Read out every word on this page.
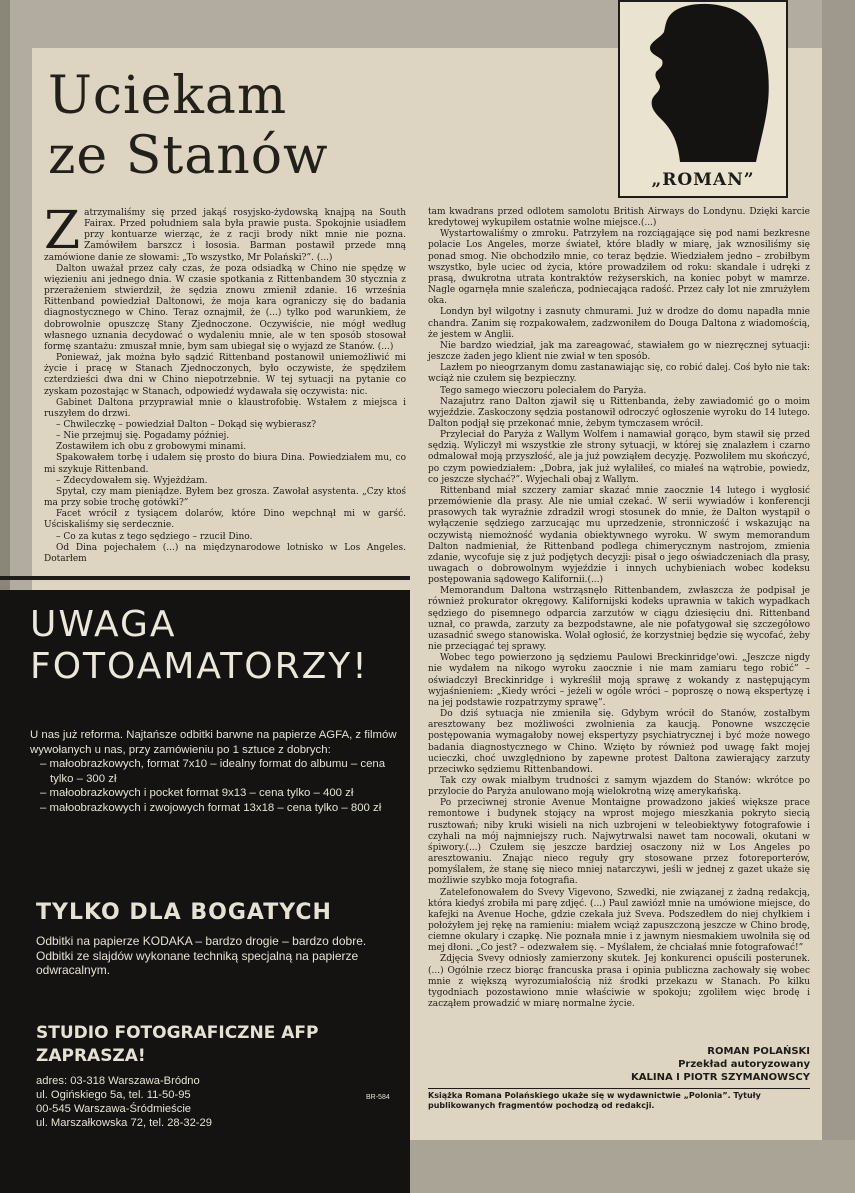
Uciekam
ze Stanów	„ROMAN”
Z atrzymaliśmy się przed jakąś rosyjsko-żydowską knajpą na South Fairax. Przed południem sala była prawie pusta. Spokojnie usiadłem przy kontuarze wierząc, że z racji brody nikt mnie nie pozna. Zamówiłem barszcz i łososia. Barman postawił przede mną zamówione danie ze słowami: „To wszystko, Mr Polański?”. (...)

Dalton uważał przez cały czas, że poza odsiadką w Chino nie spędzę w więzieniu ani jednego dnia. W czasie spotkania z Rittenbandem 30 stycznia z przerażeniem stwierdził, że sędzia znowu zmienił zdanie. 16 września Rittenband powiedział Daltonowi, że moja kara ograniczy się do badania diagnostycznego w Chino. Teraz oznajmił, że (...) tylko pod warunkiem, że dobrowolnie opuszczę Stany Zjednoczone. Oczywiście, nie mógł według własnego uznania decydować o wydaleniu mnie, ale w ten sposób stosował formę szantażu: zmuszał mnie, bym sam ubiegał się o wyjazd ze Stanów. (...)

Ponieważ, jak można było sądzić Rittenband postanowił uniemożliwić mi życie i pracę w Stanach Zjednoczonych, było oczywiste, że spędziłem czterdzieści dwa dni w Chino niepotrzebnie. W tej sytuacji na pytanie co zyskam pozostając w Stanach, odpowiedź wydawała się oczywista: nic.

Gabinet Daltona przyprawiał mnie o klaustrofobię. Wstałem z miejsca i ruszyłem do drzwi.

– Chwileczkę – powiedział Dalton – Dokąd się wybierasz?

– Nie przejmuj się. Pogadamy później.

Zostawiłem ich obu z grobowymi minami.

Spakowałem torbę i udałem się prosto do biura Dina. Powiedziałem mu, co mi szykuje Rittenband.

– Zdecydowałem się. Wyjeżdżam.

Spytał, czy mam pieniądze. Byłem bez grosza. Zawołał asystenta. „Czy ktoś ma przy sobie trochę gotówki?”

Facet wrócił z tysiącem dolarów, które Dino wepchnął mi w garść. Uściskaliśmy się serdecznie.

– Co za kutas z tego sędziego – rzucił Dino.

Od Dina pojechałem (...) na międzynarodowe lotnisko w Los Angeles. Dotarłem

tam kwadrans przed odlotem samolotu British Airways do Londynu. Dzięki karcie kredytowej wykupiłem ostatnie wolne miejsce.(...)

Wystartowaliśmy o zmroku. Patrzyłem na rozciągające się pod nami bezkresne polacie Los Angeles, morze świateł, które bladły w miarę, jak wznosiliśmy się ponad smog. Nie obchodziło mnie, co teraz będzie. Wiedziałem jedno – zrobiłbym wszystko, byle uciec od życia, które prowadziłem od roku: skandale i udręki z prasą, dwukrotna utrata kontraktów reżyserskich, na koniec pobyt w mamrze. Nagle ogarnęła mnie szaleńcza, podniecająca radość. Przez cały lot nie zmrużyłem oka.

Londyn był wilgotny i zasnuty chmurami. Już w drodze do domu napadła mnie chandra. Zanim się rozpakowałem, zadzwoniłem do Douga Daltona z wiadomością, że jestem w Anglii.

Nie bardzo wiedział, jak ma zareagować, stawiałem go w niezręcznej sytuacji: jeszcze żaden jego klient nie zwiał w ten sposób.

Lazłem po nieogrzanym domu zastanawiając się, co robić dalej. Coś było nie tak: wciąż nie czułem się bezpieczny.

Tego samego wieczoru poleciałem do Paryża.

Nazajutrz rano Dalton zjawił się u Rittenbanda, żeby zawiadomić go o moim wyjeździe. Zaskoczony sędzia postanowił odroczyć ogłoszenie wyroku do 14 lutego. Dalton podjął się przekonać mnie, żebym tymczasem wrócił.

Przyleciał do Paryża z Wallym Wolfem i namawiał gorąco, bym stawił się przed sędzią. Wyliczył mi wszystkie złe strony sytuacji, w której się znalazłem i czarno odmalował moją przyszłość, ale ja już powziąłem decyzję. Pozwoliłem mu skończyć, po czym powiedziałem: „Dobra, jak już wyłaliłeś, co miałeś na wątrobie, powiedz, co jeszcze słychać?”. Wyjechali obaj z Wallym.

Rittenband miał szczery zamiar skazać mnie zaocznie 14 lutego i wygłosić przemówienie dla prasy. Ale nie umiał czekać. W serii wywiadów i konferencji prasowych tak wyraźnie zdradził wrogi stosunek do mnie, że Dalton wystąpił o wyłączenie sędziego zarzucając mu uprzedzenie, stronniczość i wskazując na oczywistą niemożność wydania obiektywnego wyroku. W swym memorandum Dalton nadmieniał, że Rittenband podlega chimerycznym nastrojom, zmienia zdanie, wycofuje się z już podjętych decyzji: pisał o jego oświadczeniach dla prasy, uwagach o dobrowolnym wyjeździe i innych uchybieniach wobec kodeksu postępowania sądowego Kalifornii.(...)

Memorandum Daltona wstrząsnęło Rittenbandem, zwłaszcza że podpisał je również prokurator okręgowy. Kalifornijski kodeks uprawnia w takich wypadkach sędziego do pisemnego odparcia zarzutów w ciągu dziesięciu dni. Rittenband uznał, co prawda, zarzuty za bezpodstawne, ale nie pofatygował się szczegółowo uzasadnić swego stanowiska. Wolał ogłosić, że korzystniej będzie się wycofać, żeby nie przeciągać tej sprawy.

Wobec tego powierzono ją sędziemu Paulowi Breckinridge'owi. „Jeszcze nigdy nie wydałem na nikogo wyroku zaocznie i nie mam zamiaru tego robić” – oświadczył Breckinridge i wykreślił moją sprawę z wokandy z następującym wyjaśnieniem: „Kiedy wróci – jeżeli w ogóle wróci – poproszę o nową ekspertyzę i na jej podstawie rozpatrzymy sprawę”.

Do dziś sytuacja nie zmieniła się. Gdybym wrócił do Stanów, zostałbym aresztowany bez możliwości zwolnienia za kaucją. Ponowne wszczęcie postępowania wymagałoby nowej ekspertyzy psychiatrycznej i być może nowego badania diagnostycznego w Chino. Wzięto by również pod uwagę fakt mojej ucieczki, choć uwzględniono by zapewne protest Daltona zawierający zarzuty przeciwko sędziemu Rittenbandowi.

Tak czy owak miałbym trudności z samym wjazdem do Stanów: wkrótce po przylocie do Paryża anulowano moją wielokrotną wizę amerykańską.

Po przeciwnej stronie Avenue Montaigne prowadzono jakieś większe prace remontowe i budynek stojący na wprost mojego mieszkania pokryto siecią rusztowań; niby kruki wisieli na nich uzbrojeni w teleobiektywy fotografowie i czyhali na mój najmniejszy ruch. Najwytrwalsi nawet tam nocowali, okutani w śpiwory.(...) Czułem się jeszcze bardziej osaczony niż w Los Angeles po aresztowaniu. Znając nieco reguły gry stosowane przez fotoreporterów, pomyślałem, że stanę się nieco mniej natarczywi, jeśli w jednej z gazet ukaże się możliwie szybko moja fotografia.

Zatelefonowałem do Svevy Vigevono, Szwedki, nie związanej z żadną redakcją, która kiedyś zrobiła mi parę zdjęć. (...) Paul zawiózł mnie na umówione miejsce, do kafejki na Avenue Hoche, gdzie czekała już Sveva. Podszedłem do niej chyłkiem i położyłem jej rękę na ramieniu: miałem wciąż zapuszczoną jeszcze w Chino brodę, ciemne okulary i czapkę. Nie poznała mnie i z jawnym niesmakiem uwolniła się od mej dłoni. „Co jest? – odezwałem się. – Myślałem, że chciałaś mnie fotografować!”

Zdjęcia Svevy odniosły zamierzony skutek. Jej konkurenci opuścili posterunek.(...) Ogólnie rzecz biorąc francuska prasa i opinia publiczna zachowały się wobec mnie z większą wyrozumiałością niż środki przekazu w Stanach. Po kilku tygodniach pozostawiono mnie właściwie w spokoju; zgoliłem więc brodę i zacząłem prowadzić w miarę normalne życie.

ROMAN POLAŃSKI
Przekład autoryzowany
KALINA I PIOTR SZYMANOWSCY
Książka Romana Polańskiego ukaże się w wydawnictwie „Polonia”. Tytuły publikowanych fragmentów pochodzą od redakcji.
UWAGA
FOTOAMATORZY!
U nas już reforma. Najtańsze odbitki barwne na papierze AGFA, z filmów wywołanych u nas, przy zamówieniu po 1 sztuce z dobrych:
– małoobrazkowych, format 7x10 – idealny format do albumu – cena tylko – 300 zł
– małoobrazkowych i pocket format 9x13 – cena tylko – 400 zł
– małoobrazkowych i zwojowych format 13x18 – cena tylko – 800 zł
TYLKO DLA BOGATYCH
Odbitki na papierze KODAKA – bardzo drogie – bardzo dobre. Odbitki ze slajdów wykonane techniką specjalną na papierze odwracalnym.
STUDIO FOTOGRAFICZNE AFP
ZAPRASZA!
adres: 03-318 Warszawa-Bródno
ul. Ogińskiego 5a, tel. 11-50-95
00-545 Warszawa-Śródmieście
ul. Marszałkowska 72, tel. 28-32-29
BR-584
